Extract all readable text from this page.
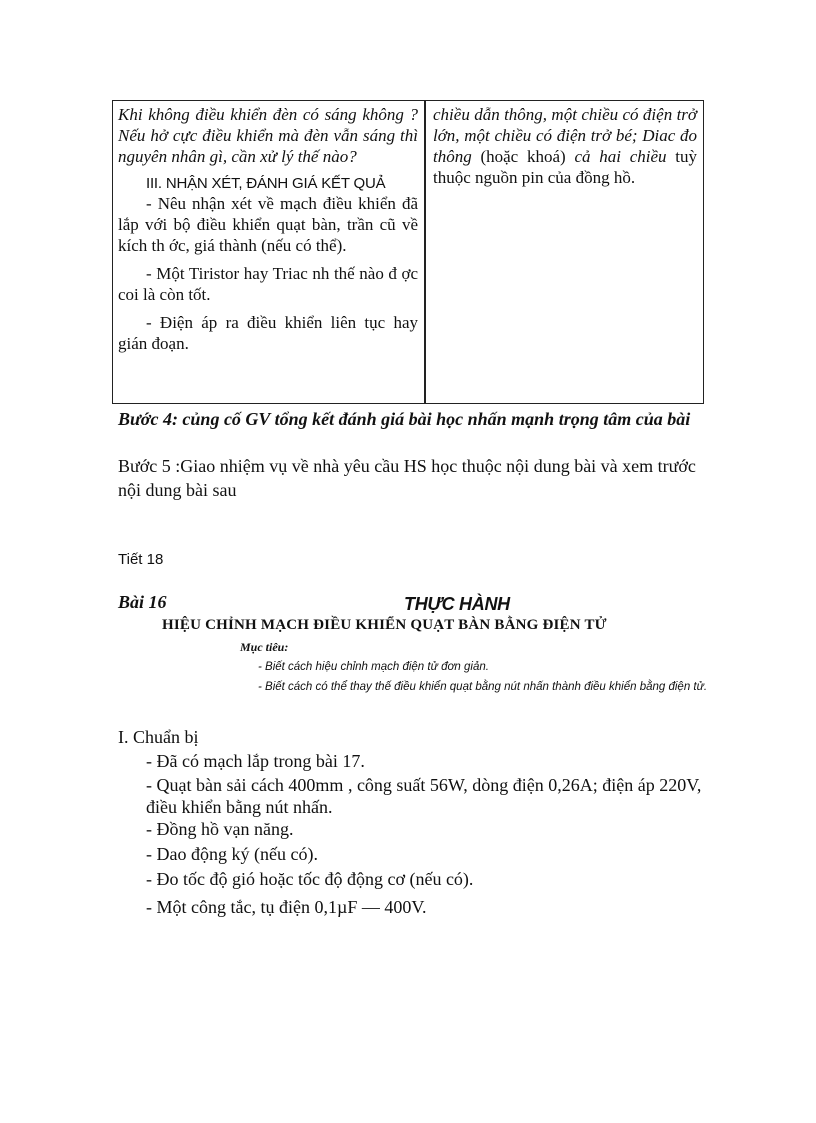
Khi không điều khiển đèn có sáng không ? Nếu hở cực điều khiển mà đèn vẫn sáng thì nguyên nhân gì, cần xử lý thế nào?

III. NHẬN XÉT, ĐÁNH GIÁ KẾT QUẢ

- Nêu nhận xét về mạch điều khiển đã lắp với bộ điều khiển quạt bàn, trần cũ về kích th ớc, giá thành (nếu có thể).

- Một Tiristor hay Triac nh thế nào đ ợc coi là còn tốt.

- Điện áp ra điều khiển liên tục hay gián đoạn.

chiều dẫn thông, một chiều có điện trở lớn, một chiều có điện trở bé; Diac đo thông (hoặc khoá) cả hai chiều tuỳ thuộc nguồn pin của đồng hồ.
Bước 4: củng cố GV tổng kết đánh giá bài học nhấn mạnh trọng tâm của bài
Bước 5 :Giao nhiệm vụ về nhà yêu cầu HS học thuộc nội dung bài và xem trước nội dung bài sau
Tiết 18
Bài 16	THỰC HÀNH
HIỆU CHỈNH MẠCH ĐIỀU KHIỂN QUẠT BÀN BẰNG ĐIỆN TỬ
Mục tiêu:
- Biết cách hiệu chỉnh mạch điện tử đơn giản.
- Biết cách có thể thay thế điều khiển quạt bằng nút nhấn thành điều khiển bằng điện tử.
I. Chuẩn bị
- Đã có mạch lắp trong bài 17.
- Quạt bàn sải cách 400mm , công suất 56W, dòng điện 0,26A; điện áp 220V, điều khiển bằng nút nhấn.
- Đồng hồ vạn năng.
- Dao động ký (nếu có).
- Đo tốc độ gió hoặc tốc độ động cơ (nếu có).
- Một công tắc, tụ điện 0,1µF — 400V.
